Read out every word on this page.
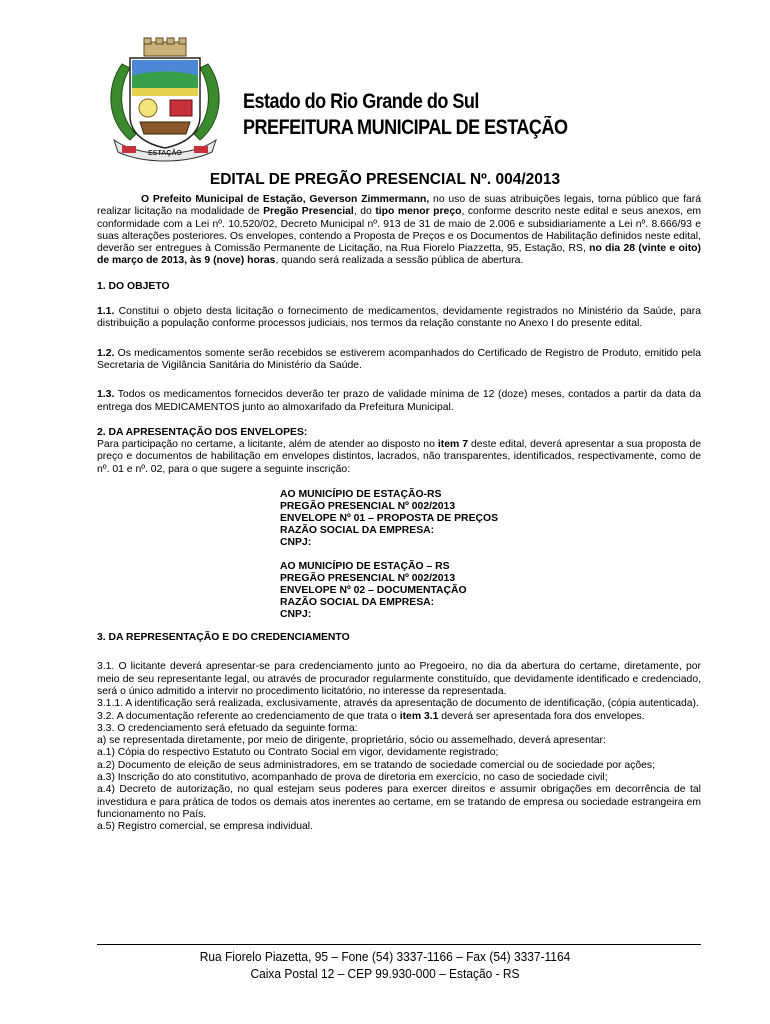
ESTAÇÃO
Estado do Rio Grande do Sul
PREFEITURA MUNICIPAL DE ESTAÇÃO
EDITAL DE PREGÃO PRESENCIAL Nº. 004/2013

O Prefeito Municipal de Estação, Geverson Zimmermann, no uso de suas atribuições legais, torna público que fará realizar licitação na modalidade de Pregão Presencial, do tipo menor preço, conforme descrito neste edital e seus anexos, em conformidade com a Lei nº. 10.520/02, Decreto Municipal nº. 913 de 31 de maio de 2.006 e subsidiariamente a Lei nº. 8.666/93 e suas alterações posteriores. Os envelopes, contendo a Proposta de Preços e os Documentos de Habilitação definidos neste edital, deverão ser entregues à Comissão Permanente de Licitação, na Rua Fiorelo Piazzetta, 95, Estação, RS, no dia 28 (vinte e oito) de março de 2013, às 9 (nove) horas, quando será realizada a sessão pública de abertura.

1. DO OBJETO

1.1. Constitui o objeto desta licitação o fornecimento de medicamentos, devidamente registrados no Ministério da Saúde, para distribuição a população conforme processos judiciais, nos termos da relação constante no Anexo I do presente edital.

1.2. Os medicamentos somente serão recebidos se estiverem acompanhados do Certificado de Registro de Produto, emitido pela Secretaria de Vigilância Sanitária do Ministério da Saúde.

1.3. Todos os medicamentos fornecidos deverão ter prazo de validade mínima de 12 (doze) meses, contados a partir da data da entrega dos MEDICAMENTOS junto ao almoxarifado da Prefeitura Municipal.

2. DA APRESENTAÇÃO DOS ENVELOPES:

Para participação no certame, a licitante, além de atender ao disposto no item 7 deste edital, deverá apresentar a sua proposta de preço e documentos de habilitação em envelopes distintos, lacrados, não transparentes, identificados, respectivamente, como de nº. 01 e nº. 02, para o que sugere a seguinte inscrição:

AO MUNICÍPIO DE ESTAÇÃO-RS
PREGÃO PRESENCIAL Nº 002/2013
ENVELOPE Nº 01 – PROPOSTA DE PREÇOS
RAZÃO SOCIAL DA EMPRESA:
CNPJ:
AO MUNICÍPIO DE ESTAÇÃO – RS
PREGÃO PRESENCIAL Nº 002/2013
ENVELOPE Nº 02 – DOCUMENTAÇÃO
RAZÃO SOCIAL DA EMPRESA:
CNPJ:

3. DA REPRESENTAÇÃO E DO CREDENCIAMENTO

3.1. O licitante deverá apresentar-se para credenciamento junto ao Pregoeiro, no dia da abertura do certame, diretamente, por meio de seu representante legal, ou através de procurador regularmente constituído, que devidamente identificado e credenciado, será o único admitido a intervir no procedimento licitatório, no interesse da representada.

3.1.1. A identificação será realizada, exclusivamente, através da apresentação de documento de identificação, (cópia autenticada).

3.2. A documentação referente ao credenciamento de que trata o item 3.1 deverá ser apresentada fora dos envelopes.

3.3. O credenciamento será efetuado da seguinte forma:

a) se representada diretamente, por meio de dirigente, proprietário, sócio ou assemelhado, deverá apresentar:

a.1) Cópia do respectivo Estatuto ou Contrato Social em vigor, devidamente registrado;

a.2) Documento de eleição de seus administradores, em se tratando de sociedade comercial ou de sociedade por ações;

a.3) Inscrição do ato constitutivo, acompanhado de prova de diretoria em exercício, no caso de sociedade civil;

a.4) Decreto de autorização, no qual estejam seus poderes para exercer direitos e assumir obrigações em decorrência de tal investidura e para prática de todos os demais atos inerentes ao certame, em se tratando de empresa ou sociedade estrangeira em funcionamento no País.

a.5) Registro comercial, se empresa individual.

Rua Fiorelo Piazetta, 95 – Fone (54) 3337-1166 – Fax (54) 3337-1164
Caixa Postal 12 – CEP 99.930-000 – Estação - RS
